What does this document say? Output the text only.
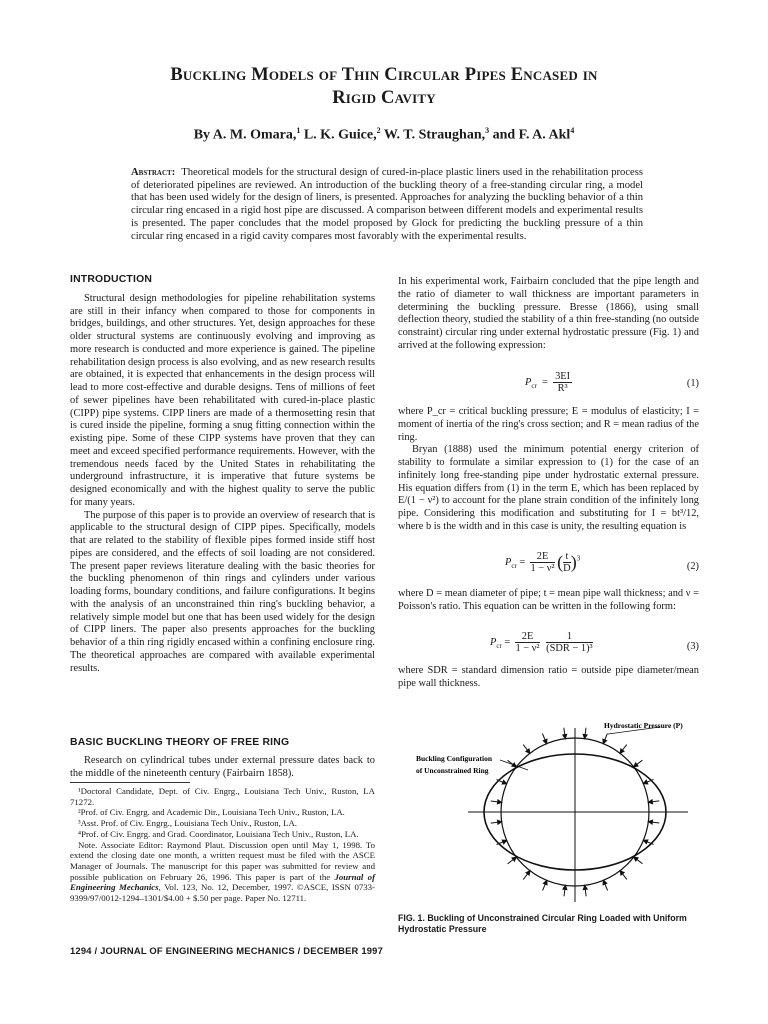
Buckling Models of Thin Circular Pipes Encased in
Rigid Cavity
By A. M. Omara,$^1$ L. K. Guice,$^2$ W. T. Straughan,$^3$ and F. A. Akl$^4$
Abstract: Theoretical models for the structural design of cured-in-place plastic liners used in the rehabilitation process of deteriorated pipelines are reviewed. An introduction of the buckling theory of a free-standing circular ring, a model that has been used widely for the design of liners, is presented. Approaches for analyzing the buckling behavior of a thin circular ring encased in a rigid host pipe are discussed. A comparison between different models and experimental results is presented. The paper concludes that the model proposed by Glock for predicting the buckling pressure of a thin circular ring encased in a rigid cavity compares most favorably with the experimental results.
INTRODUCTION

Structural design methodologies for pipeline rehabilitation systems are still in their infancy when compared to those for components in bridges, buildings, and other structures. Yet, design approaches for these older structural systems are continuously evolving and improving as more research is conducted and more experience is gained. The pipeline rehabilitation design process is also evolving, and as new research results are obtained, it is expected that enhancements in the design process will lead to more cost-effective and durable designs. Tens of millions of feet of sewer pipelines have been rehabilitated with cured-in-place plastic (CIPP) pipe systems. CIPP liners are made of a thermosetting resin that is cured inside the pipeline, forming a snug fitting connection within the existing pipe. Some of these CIPP systems have proven that they can meet and exceed specified performance requirements. However, with the tremendous needs faced by the United States in rehabilitating the underground infrastructure, it is imperative that future systems be designed economically and with the highest quality to serve the public for many years.

The purpose of this paper is to provide an overview of research that is applicable to the structural design of CIPP pipes. Specifically, models that are related to the stability of flexible pipes formed inside stiff host pipes are considered, and the effects of soil loading are not considered. The present paper reviews literature dealing with the basic theories for the buckling phenomenon of thin rings and cylinders under various loading forms, boundary conditions, and failure configurations. It begins with the analysis of an unconstrained thin ring's buckling behavior, a relatively simple model but one that has been used widely for the design of CIPP liners. The paper also presents approaches for the buckling behavior of a thin ring rigidly encased within a confining enclosure ring. The theoretical approaches are compared with available experimental results.

BASIC BUCKLING THEORY OF FREE RING

Research on cylindrical tubes under external pressure dates back to the middle of the nineteenth century (Fairbairn 1858).

¹Doctoral Candidate, Dept. of Civ. Engrg., Louisiana Tech Univ., Ruston, LA 71272.

²Prof. of Civ. Engrg. and Academic Dir., Louisiana Tech Univ., Ruston, LA.

³Asst. Prof. of Civ. Engrg., Louisiana Tech Univ., Ruston, LA.

⁴Prof. of Civ. Engrg. and Grad. Coordinator, Louisiana Tech Univ., Ruston, LA.

Note. Associate Editor: Raymond Plaut. Discussion open until May 1, 1998. To extend the closing date one month, a written request must be filed with the ASCE Manager of Journals. The manuscript for this paper was submitted for review and possible publication on February 26, 1996. This paper is part of the Journal of Engineering Mechanics, Vol. 123, No. 12, December, 1997. ©ASCE, ISSN 0733-9399/97/0012-1294–1301/$4.00 + $.50 per page. Paper No. 12711.

1294 / JOURNAL OF ENGINEERING MECHANICS / DECEMBER 1997
In his experimental work, Fairbairn concluded that the pipe length and the ratio of diameter to wall thickness are important parameters in determining the buckling pressure. Bresse (1866), using small deflection theory, studied the stability of a thin free-standing (no outside constraint) circular ring under external hydrostatic pressure (Fig. 1) and arrived at the following expression:
$P_{cr} = \frac{3EI}{\text{R³}}$	(1)

where P_cr = critical buckling pressure; E = modulus of elasticity; I = moment of inertia of the ring's cross section; and R = mean radius of the ring.

Bryan (1888) used the minimum potential energy criterion of stability to formulate a similar expression to (1) for the case of an infinitely long free-standing pipe under hydrostatic external pressure. His equation differs from (1) in the term E, which has been replaced by E/(1 − ν²) to account for the plane strain condition of the infinitely long pipe. Considering this modification and substituting for I = bt³/12, where b is the width and in this case is unity, the resulting equation is

$P_{cr} = \frac{2E}{\text{1 − ν²}}$ ( $\frac{t}{D} )^3$
(2)
where D = mean diameter of pipe; t = mean pipe wall thickness; and ν = Poisson's ratio. This equation can be written in the following form:
$P_{cr} = \frac{2E}{\text{1 − ν²}}$
$\frac{1}{\text{(SDR − 1)³}}$	(3)
where SDR = standard dimension ratio = outside pipe diameter/mean pipe wall thickness.
Hydrostatic Pressure (P)
Buckling Configuration
of Unconstrained Ring
FIG. 1. Buckling of Unconstrained Circular Ring Loaded with Uniform Hydrostatic Pressure
